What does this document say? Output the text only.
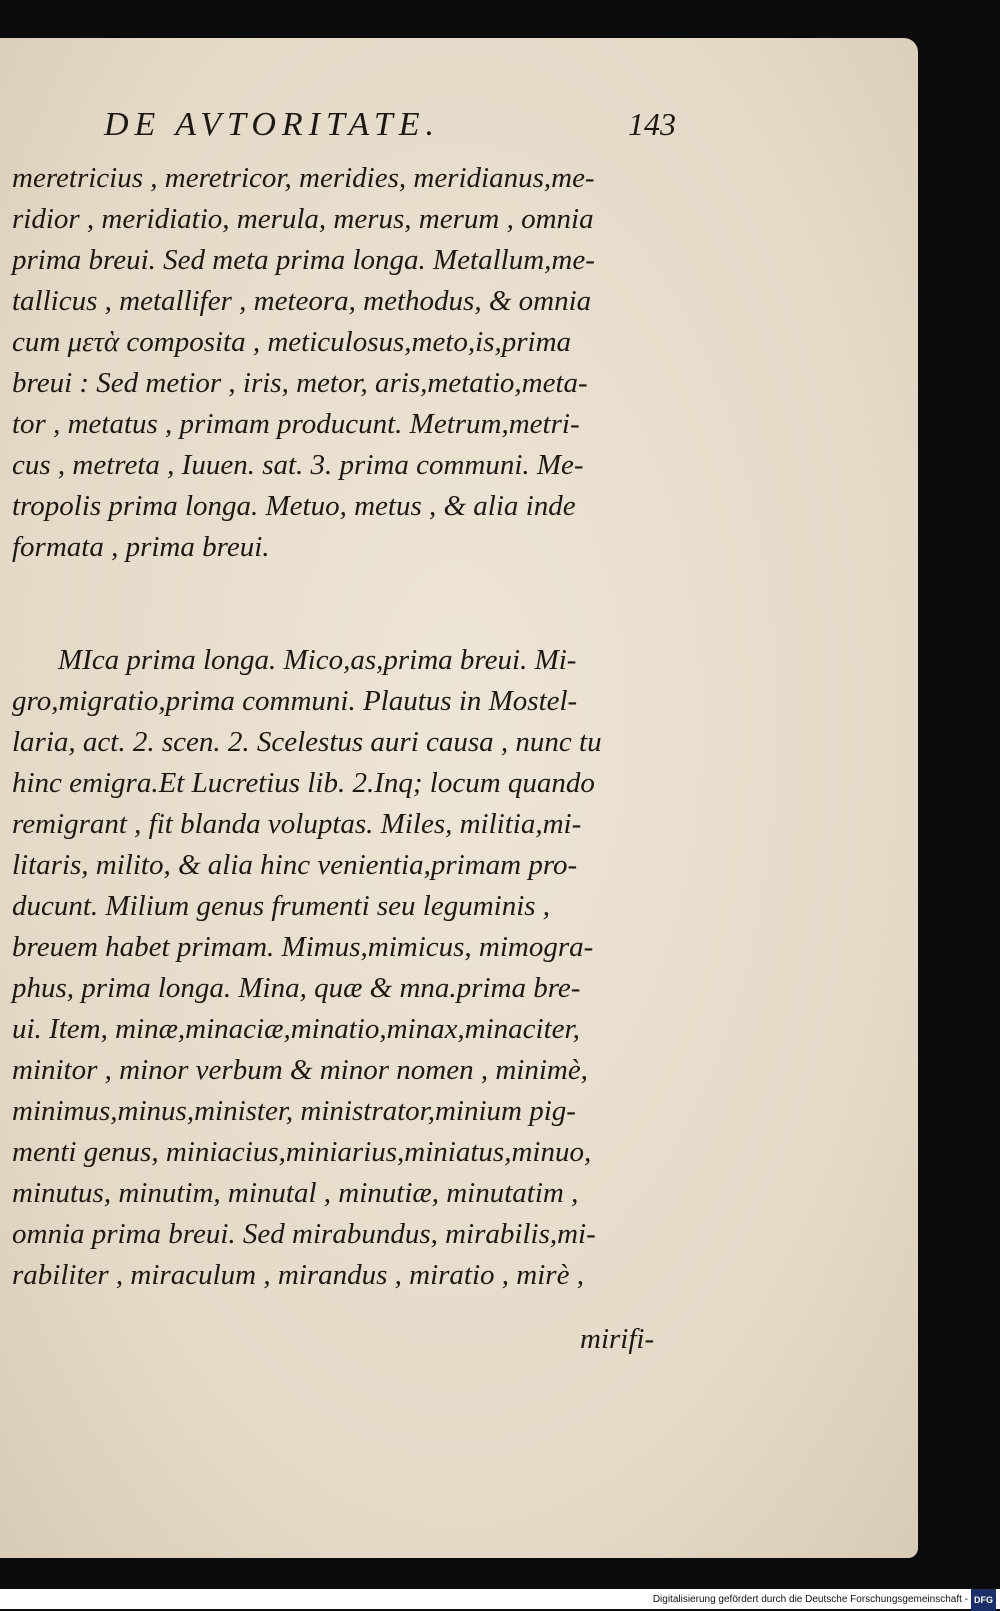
DE AVTORITATE.	143
meretricius , meretricor, meridies, meridianus,me-
ridior , meridiatio, merula, merus, merum , omnia
prima breui. Sed meta prima longa. Metallum,me-
tallicus , metallifer , meteora, methodus, & omnia
cum μετὰ composita , meticulosus,meto,is,prima
breui : Sed metior , iris, metor, aris,metatio,meta-
tor , metatus , primam producunt. Metrum,metri-
cus , metreta , Iuuen. sat. 3. prima communi. Me-
tropolis prima longa. Metuo, metus , & alia inde
formata , prima breui.
MIca prima longa. Mico,as,prima breui. Mi-
gro,migratio,prima communi. Plautus in Mostel-
laria, act. 2. scen. 2. Scelestus auri causa , nunc tu
hinc emigra.Et Lucretius lib. 2.Inq; locum quando
remigrant , fit blanda voluptas. Miles, militia,mi-
litaris, milito, & alia hinc venientia,primam pro-
ducunt. Milium genus frumenti seu leguminis ,
breuem habet primam. Mimus,mimicus, mimogra-
phus, prima longa. Mina, quæ & mna.prima bre-
ui. Item, minæ,minaciæ,minatio,minax,minaciter,
minitor , minor verbum & minor nomen , minimè,
minimus,minus,minister, ministrator,minium pig-
menti genus, miniacius,miniarius,miniatus,minuo,
minutus, minutim, minutal , minutiæ, minutatim ,
omnia prima breui. Sed mirabundus, mirabilis,mi-
rabiliter , miraculum , mirandus , miratio , mirè ,
mirifi-
Digitalisierung gefördert durch die Deutsche Forschungsgemeinschaft - DFG
